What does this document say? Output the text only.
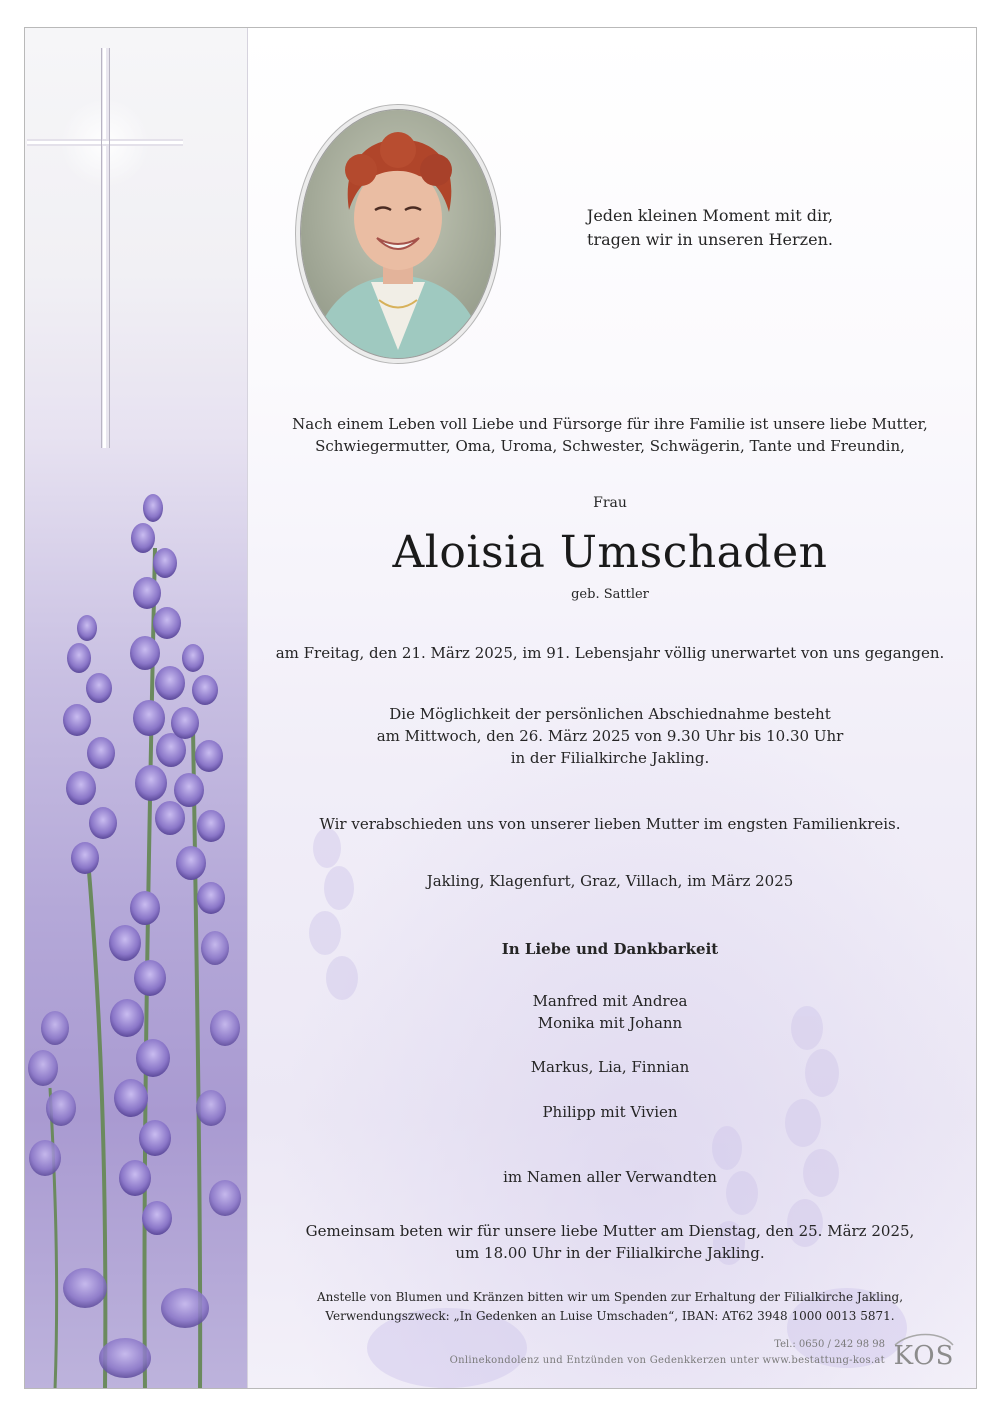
Jeden kleinen Moment mit dir,
tragen wir in unseren Herzen.
Nach einem Leben voll Liebe und Fürsorge für ihre Familie ist unsere liebe Mutter,
Schwiegermutter, Oma, Uroma, Schwester, Schwägerin, Tante und Freundin,
Frau
Aloisia Umschaden
geb. Sattler
am Freitag, den 21. März 2025, im 91. Lebensjahr völlig unerwartet von uns gegangen.
Die Möglichkeit der persönlichen Abschiednahme besteht
am Mittwoch, den 26. März 2025 von 9.30 Uhr bis 10.30 Uhr
in der Filialkirche Jakling.
Wir verabschieden uns von unserer lieben Mutter im engsten Familienkreis.
Jakling, Klagenfurt, Graz, Villach, im März 2025
In Liebe und Dankbarkeit
Manfred mit Andrea
Monika mit Johann
Markus, Lia, Finnian
Philipp mit Vivien
im Namen aller Verwandten
Gemeinsam beten wir für unsere liebe Mutter am Dienstag, den 25. März 2025,
um 18.00 Uhr in der Filialkirche Jakling.
Anstelle von Blumen und Kränzen bitten wir um Spenden zur Erhaltung der Filialkirche Jakling,
Verwendungszweck: „In Gedenken an Luise Umschaden“, IBAN: AT62 3948 1000 0013 5871.
Tel.: 0650 / 242 98 98
Onlinekondolenz und Entzünden von Gedenkkerzen unter www.bestattung-kos.at KOS
